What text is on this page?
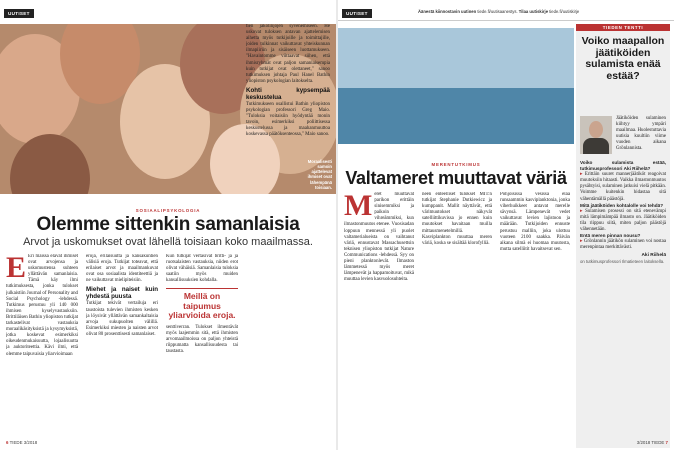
UUTISET
Moraalisesti samoin ajattelevat ihmiset ovat lähempänä toisiaan.
SOSIAALIPSYKOLOGIA
Olemme sittenkin samanlaisia
Arvot ja uskomukset ovat lähellä toisiaan koko maailmassa.
E Eri maissa elävät ihmiset ovat arvojensa ja uskomustensa suhteen yllättävän samanlaisia. Tämä käy ilmi tutkimuksesta, jonka tulokset julkaistiin Journal of Personality and Social Psychology -lehdessä. Tutkimus perustuu yli 140 000 ihmisen kyselyvastauksiin. Brittiläisen Bathin yliopiston tutkijat tarkastelivat vastauksia moraalikäsityksistä ja kysymyksistä, jotka koskevat esimerkiksi oikeudenmukaisuutta, lojaalisuutta ja auktoriteettia. Kävi ilmi, että olemme taipuvaisia yliarvioimaan

eroja, erilaisuutta ja kansakuntien välisiä eroja. Tutkijat toteavat, että erilaiset arvot ja maailmankuvat ovat osa sosiaalista identiteettiä ja ne vaikuttavat mielipiteisiin.

Miehet ja naiset kuin yhdestä puusta

Tutkijat tekivät vertailuja eri taustoista tulevien ihmisten kesken ja löysivät yllättävän samankaltaisia arvoja sukupuolten välillä. Esimerkiksi miesten ja naisten arvot olivat 80 prosenttisesti samanlaiset.

Kun tutkijat vertasivat britti- ja ja ruotsalaisten vastauksia, niiden erot olivat vähäisiä. Samanlaisia tuloksia saatiin myös muiden kansallisuuksien kohdalla.

Meillä on taipumus yliarvioida eroja.

senttiverran. Tulokset ilmentävät myös laajemmin sitä, että ihmisten arvomaailmoissa on paljon yhteistä riippumatta kansallisuudesta tai taustasta.

tien jakolinjojen syvenemiseen. He uskovat tuloksen antavan ajattelemisen aihetta myös tutkijoille ja toimittajille, joiden tulkinnat vaikuttavat yhteiskunnan ilmapiiriin ja sisäiseen luottamukseen. "Havaintomme viittaavat siihen, että ihmisryhmät ovat paljon samanlaisempia kuin tutkijat ovat olettaneet," sanoo tutkimuksen johtaja Paul Hanel Bathin yliopiston psykologian laitokselta.

Kohti kypsempää keskustelua

Tutkimukseen osallistui Bathin yliopiston psykologian professori Greg Maio. "Tuloksia voitaisiin hyödyntää monin tavoin, esimerkiksi poliittisessa keskustelussa ja maahanmuuttoa koskevassa päätöksenteossa," Maio sanoo.

6 TIEDE 3/2018
UUTISET	Äänestä kiinnostavin uutinen tiede.fi/uutisaanestys. Tilaa uutiskirje tiede.fi/uutiskirje
MERENTUTKIMUS
Valtameret muuttavat väriä
Meret muuttavat parikon erittäin sinisemmiksi ja paikoin vihreämmiksi, kun ilmastonmuutos etenee. Vuosisadan loppuun mennessä yli puolet valtamerialueista on vaihtanut väriä, ennustavat Massachusettsin teknisen yliopiston tutkijat Nature Communications -lehdessä. Syy on pieni planktonlevät. Ilmaston lämmetessä myös meret lämpenevät ja happamoituvat, mikä muuttaa levien kasvuolosuhteita.

neen enteelliset tulokset MIT:n tutkijat Stephanie Dutkiewicz ja kumppanit. Mallit näyttävät, että värimuutokset näkyvät satelliittikuvissa jo ennen kuin muutokset havaitaan muilla mittausmenetelmillä. Kasviplankton muuttaa meren väriä, koska se sisältää klorofylliä.

Pohjoisissa vesissä elää runsaammin kasviplanktonia, jonka viherhuikkeet antavat merelle sävynsä. Lämpenevät vedet vaikuttavat levien lajistoon ja määrään. Tutkijoiden ennuste perustuu malliin, joka ulottuu vuoteen 2100 saakka. Päivän aikana silmä ei huomaa muutosta, mutta satelliitit havaitsevat sen.

TIEDEN TENTTI
Voiko maapallon jäätiköiden sulamista enää estää?
Jäätiköiden sulaminen kiihtyy ympäri maailmaa. Huolestuttavia uutisia kuultiin viime vuoden aikana Grönlannista.

Voiko sulamista estää, tutkimusprofessori Aki Riihelä?

▸ Erittäin suuret mannerjäätiköt reagoivat muutoksiin hitaasti. Vaikka ilmastonmuutos pysähtyisi, sulaminen jatkuisi vielä pitkään. Voimme kuitenkin hidastaa sitä vähentämällä päästöjä.

Mitä jäätiköiden kohtalolle voi tehdä?

▸ Sulamisen prosessi on sitä etenevämpi mitä lämpimämpää ilmasto on. Jäätiköiden tila riippuu siitä, miten paljon päästöjä vähennetään.

Entä meren pinnan nousu?

▸ Grönlannin jäätikön sulaminen voi nostaa merenpintaa merkittävästi.

Aki Riihelä
on tutkimusprofessori Ilmatieteen laitoksella.
3/2018 TIEDE 7
